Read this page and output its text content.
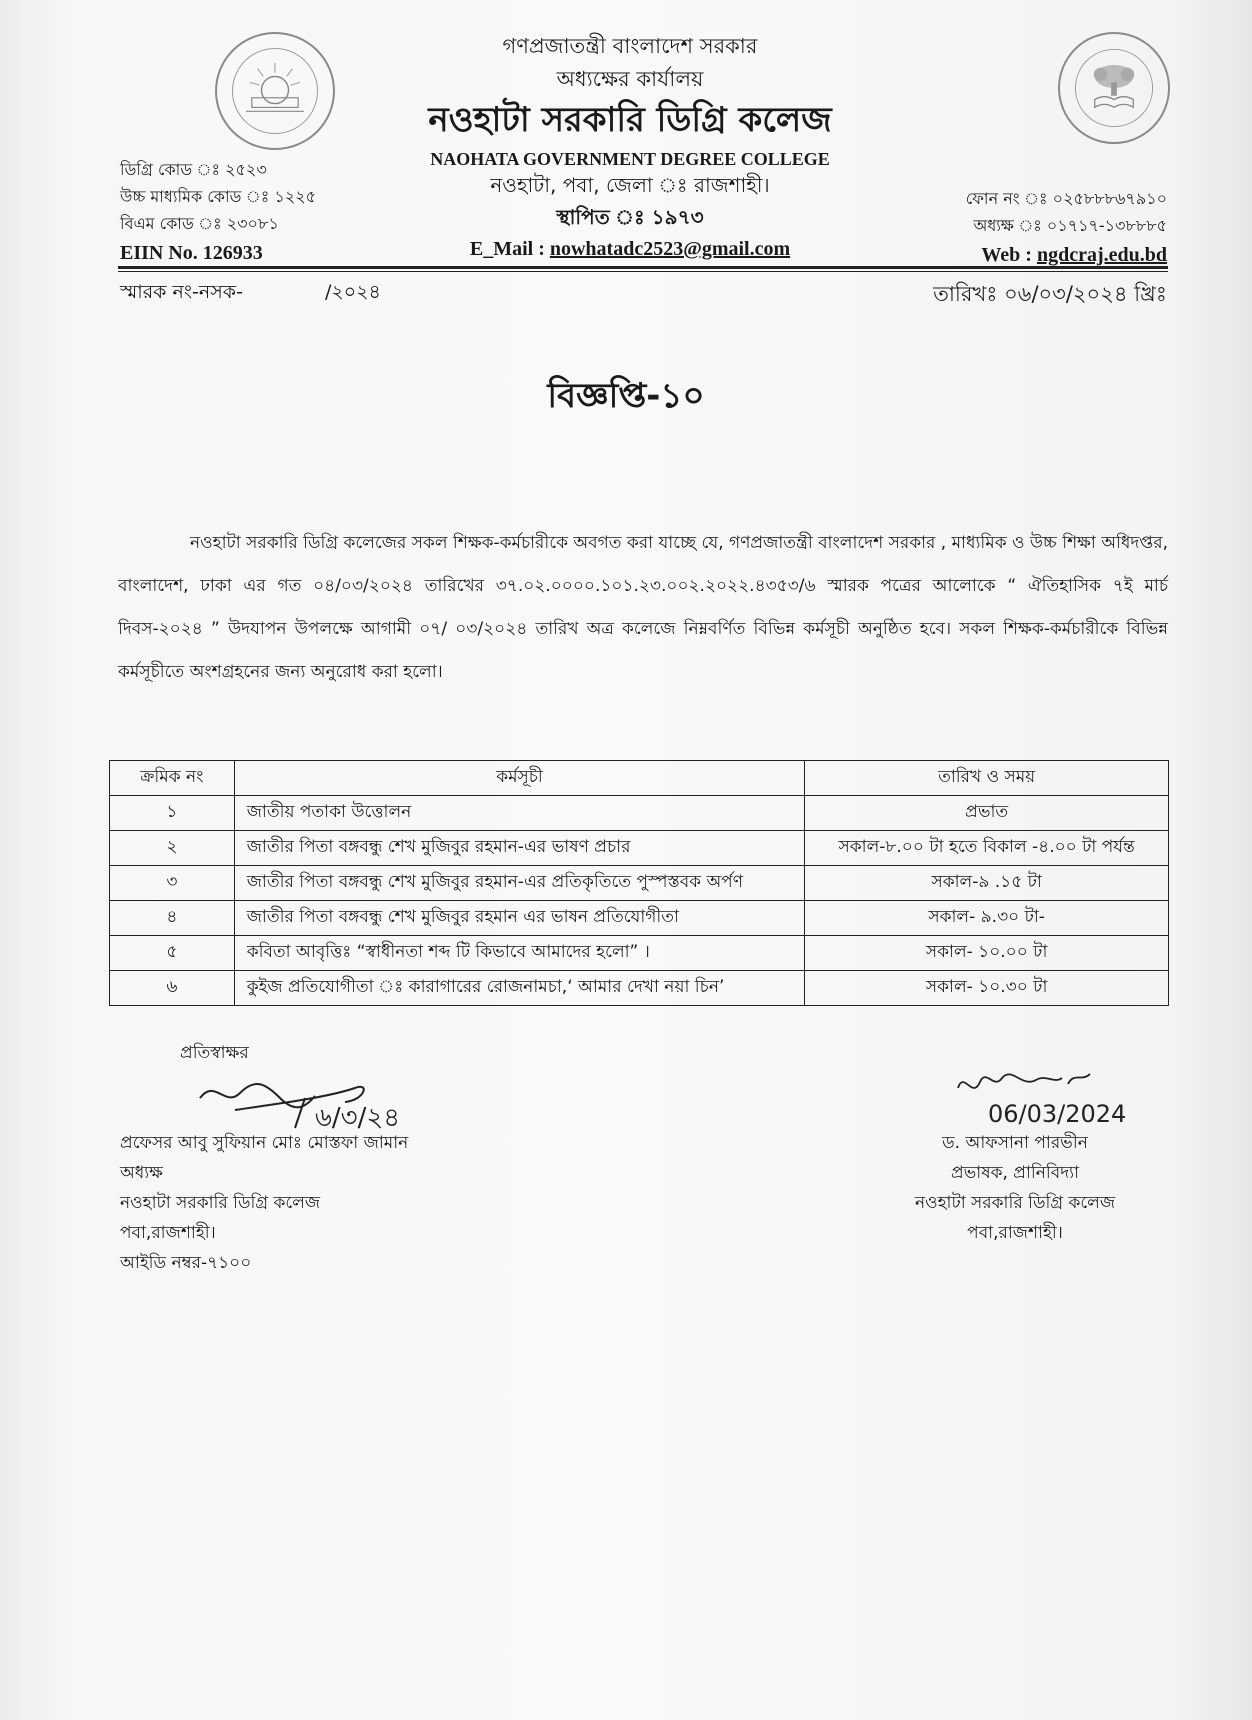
গণপ্রজাতন্ত্রী বাংলাদেশ সরকার
অধ্যক্ষের কার্যালয়
নওহাটা সরকারি ডিগ্রি কলেজ
NAOHATA GOVERNMENT DEGREE COLLEGE
নওহাটা, পবা, জেলা ঃ রাজশাহী।
স্থাপিত ঃ ১৯৭৩
E_Mail : nowhatadc2523@gmail.com
ডিগ্রি কোড ঃ ২৫২৩
উচ্চ মাধ্যমিক কোড ঃ ১২২৫
বিএম কোড ঃ ২৩০৮১
EIIN No. 126933
ফোন নং ঃ ০২৫৮৮৮৬৭৯১০
অধ্যক্ষ ঃ ০১৭১৭-১৩৮৮৮৫
Web : ngdcraj.edu.bd
স্মারক নং-নসক-	/২০২৪	তারিখঃ ০৬/০৩/২০২৪ খ্রিঃ
বিজ্ঞপ্তি-১০
নওহাটা সরকারি ডিগ্রি কলেজের সকল শিক্ষক-কর্মচারীকে অবগত করা যাচ্ছে যে, গণপ্রজাতন্ত্রী বাংলাদেশ সরকার , মাধ্যমিক ও উচ্চ শিক্ষা অধিদপ্তর, বাংলাদেশ, ঢাকা এর গত ০৪/০৩/২০২৪ তারিখের ৩৭.০২.০০০০.১০১.২৩.০০২.২০২২.৪৩৫৩/৬ স্মারক পত্রের আলোকে “ ঐতিহাসিক ৭ই মার্চ দিবস-২০২৪ ” উদযাপন উপলক্ষে আগামী ০৭/ ০৩/২০২৪ তারিখ অত্র কলেজে নিম্নবর্ণিত বিভিন্ন কর্মসূচী অনুষ্ঠিত হবে। সকল শিক্ষক-কর্মচারীকে বিভিন্ন কর্মসূচীতে অংশগ্রহনের জন্য অনুরোধ করা হলো।
ক্রমিক নং	কর্মসূচী	তারিখ ও সময়
১	জাতীয় পতাকা উত্তোলন	প্রভাত
২	জাতীর পিতা বঙ্গবন্ধু শেখ মুজিবুর রহমান-এর ভাষণ প্রচার	সকাল-৮.০০ টা হতে বিকাল -৪.০০ টা পর্যন্ত
৩	জাতীর পিতা বঙ্গবন্ধু শেখ মুজিবুর রহমান-এর প্রতিকৃতিতে পুস্পস্তবক অর্পণ	সকাল-৯ .১৫ টা
৪	জাতীর পিতা বঙ্গবন্ধু শেখ মুজিবুর রহমান এর ভাষন প্রতিযোগীতা	সকাল- ৯.৩০ টা-
৫	কবিতা আবৃত্তিঃ “স্বাধীনতা শব্দ টি কিভাবে আমাদের হলো” ।	সকাল- ১০.০০ টা
৬	কুইজ প্রতিযোগীতা ঃ কারাগারের রোজনামচা,‘ আমার দেখা নয়া চিন’	সকাল- ১০.৩০ টা
প্রতিস্বাক্ষর
৬/৩/২৪
প্রফেসর আবু সুফিয়ান মোঃ মোস্তফা জামান
অধ্যক্ষ
নওহাটা সরকারি ডিগ্রি কলেজ
পবা,রাজশাহী।
আইডি নম্বর-৭১০০
06/03/2024
ড. আফসানা পারভীন
প্রভাষক, প্রানিবিদ্যা
নওহাটা সরকারি ডিগ্রি কলেজ
পবা,রাজশাহী।
